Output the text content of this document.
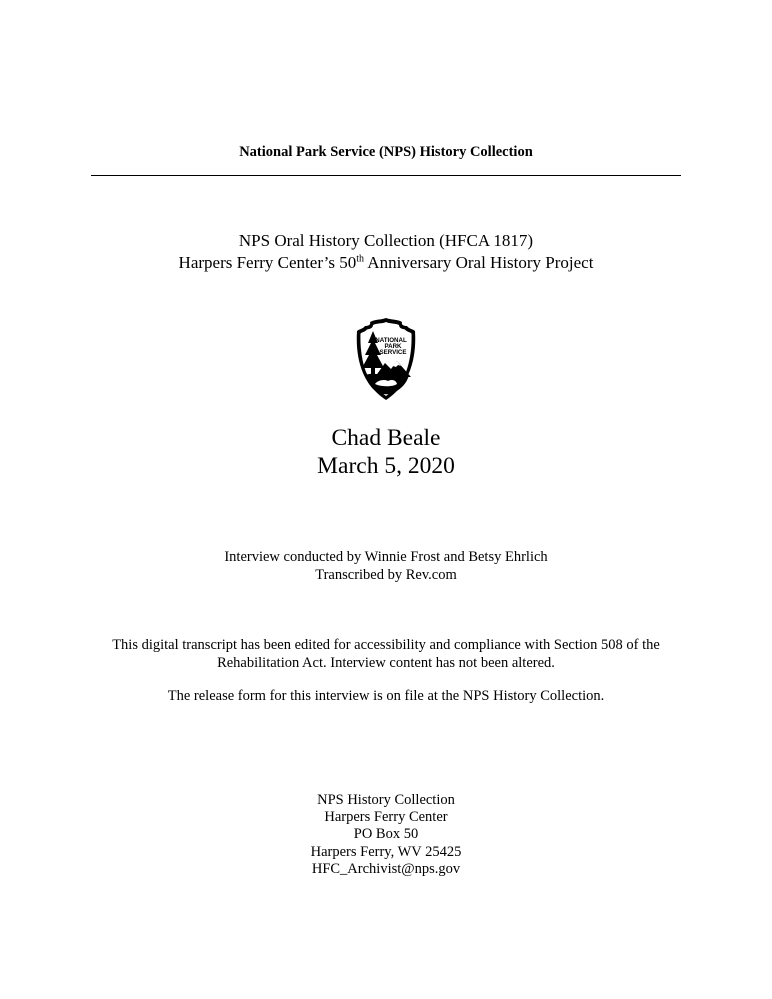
National Park Service (NPS) History Collection
NPS Oral History Collection (HFCA 1817)
Harpers Ferry Center’s 50th Anniversary Oral History Project
NATIONAL
PARK
SERVICE
Chad Beale
March 5, 2020
Interview conducted by Winnie Frost and Betsy Ehrlich
Transcribed by Rev.com
This digital transcript has been edited for accessibility and compliance with Section 508 of the
Rehabilitation Act. Interview content has not been altered.
The release form for this interview is on file at the NPS History Collection.
NPS History Collection
Harpers Ferry Center
PO Box 50
Harpers Ferry, WV 25425
HFC_Archivist@nps.gov
